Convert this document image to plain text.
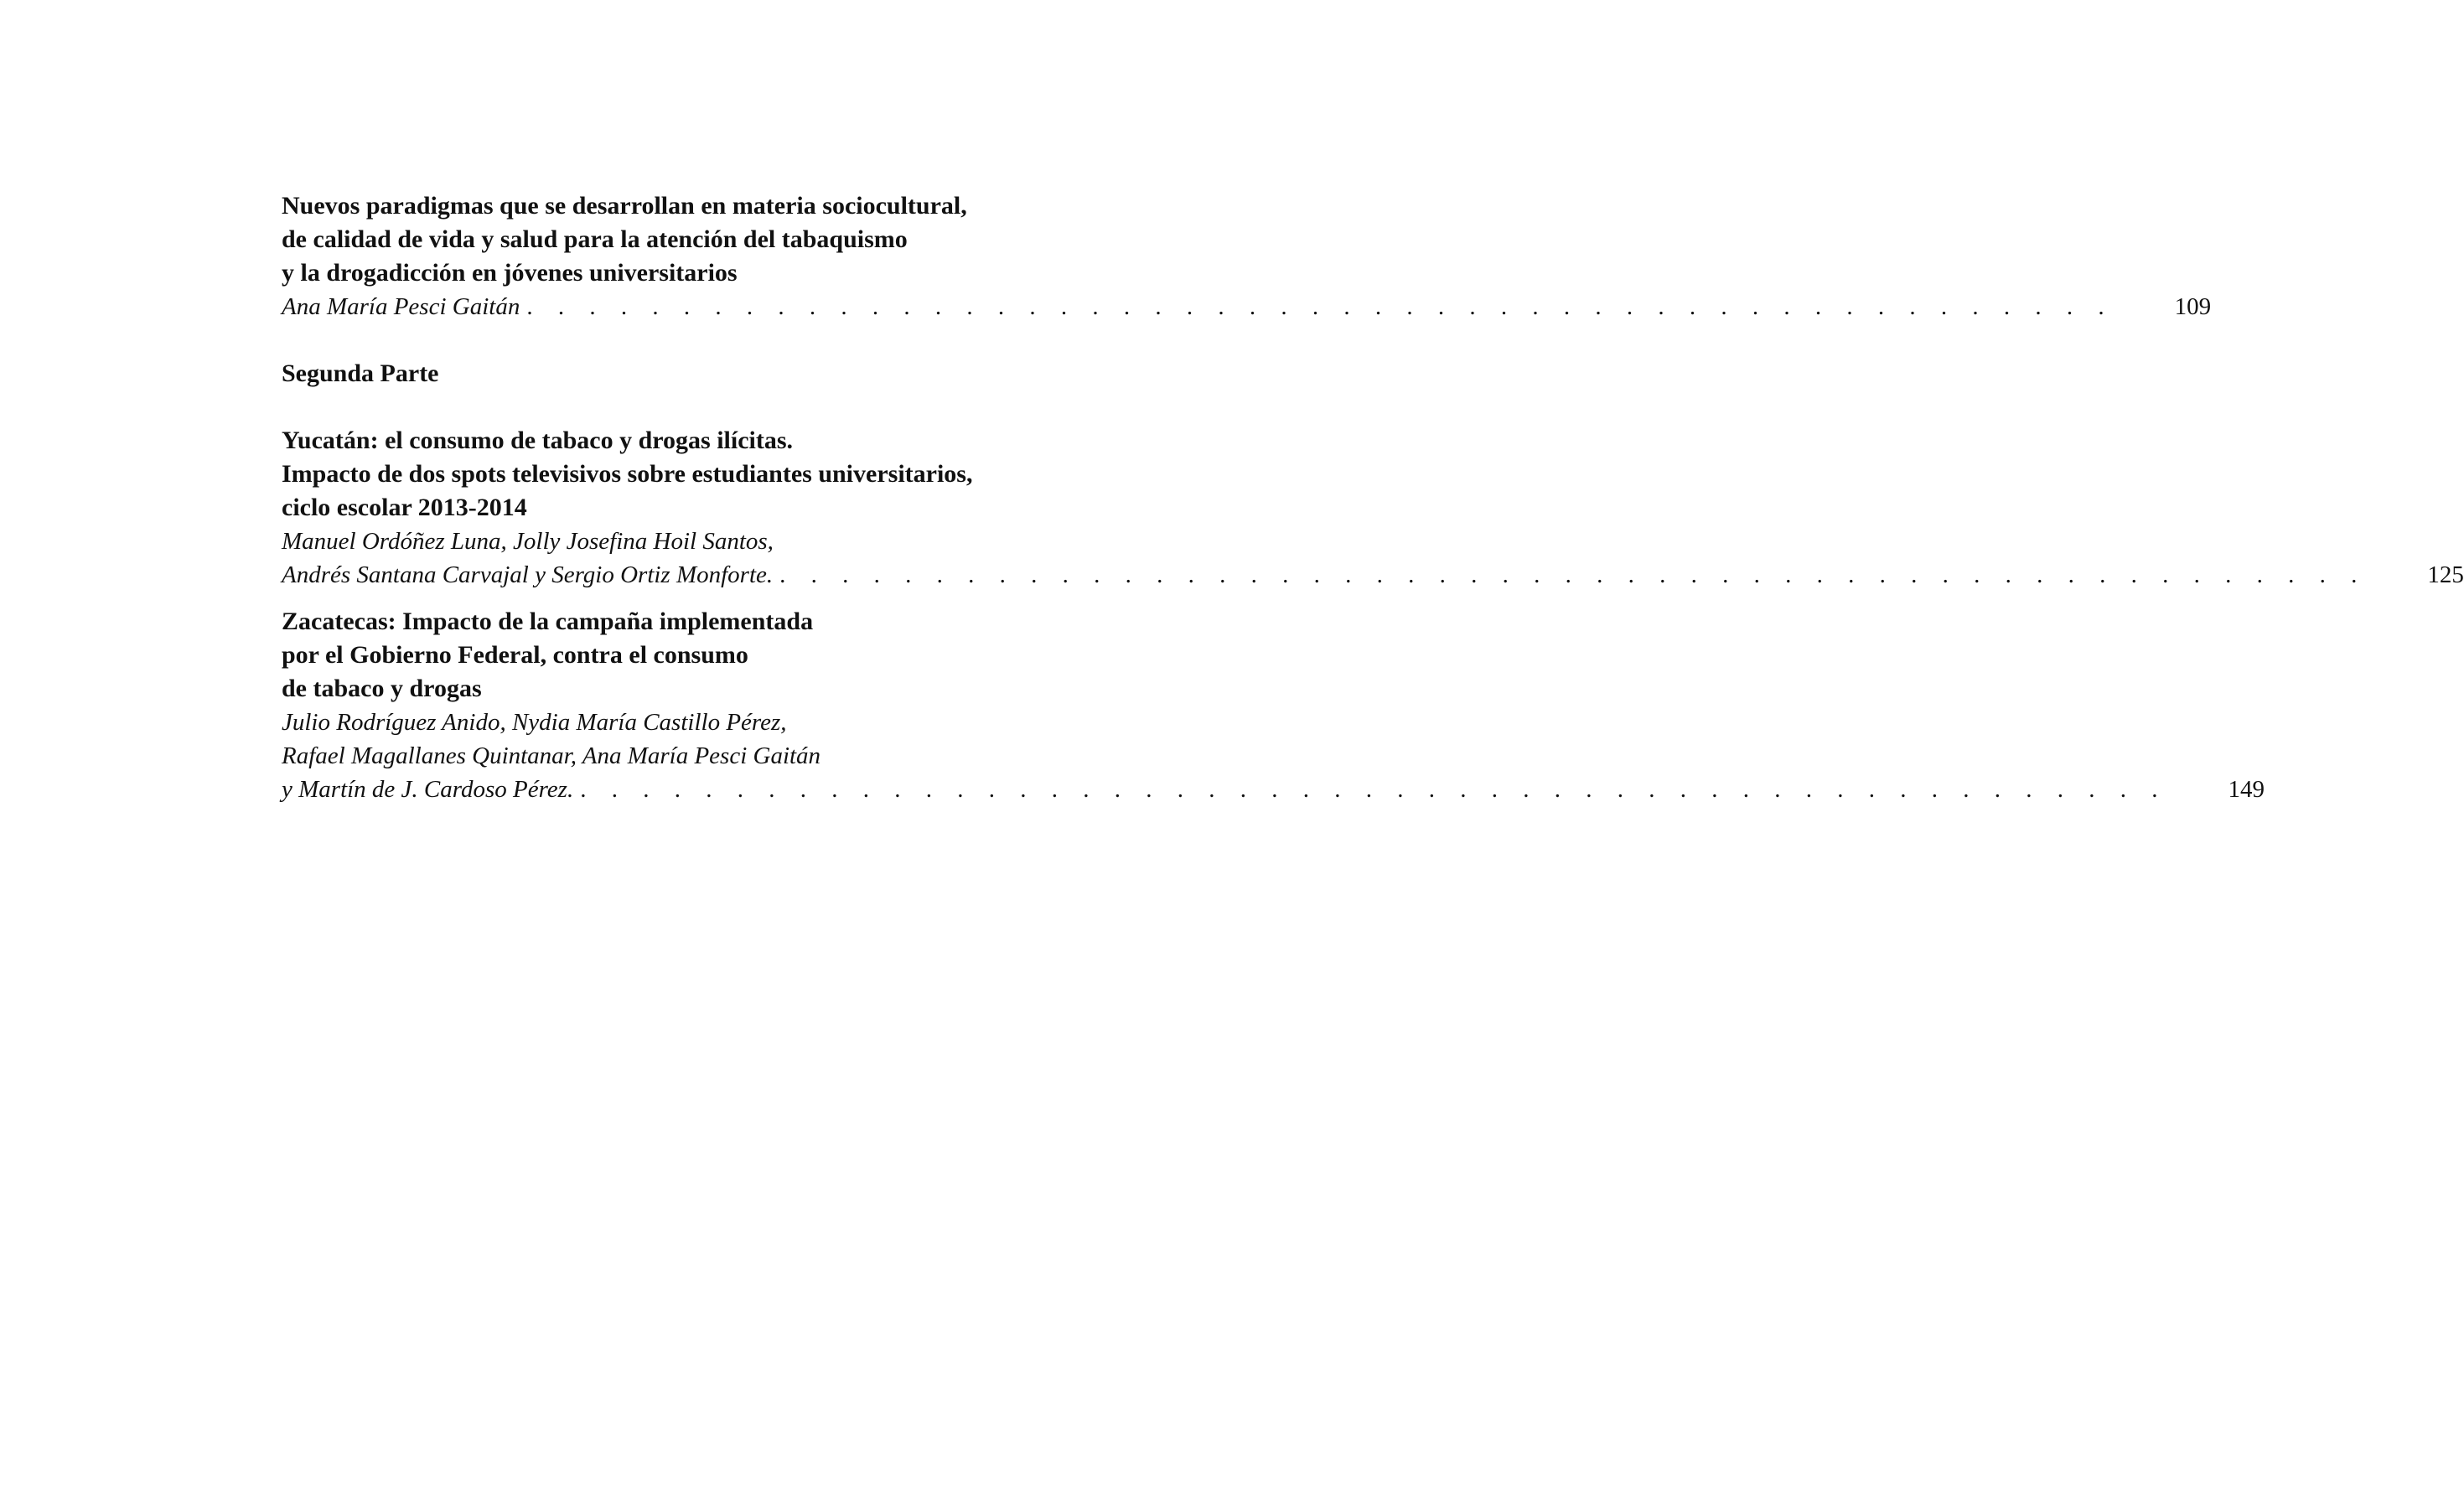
Nuevos paradigmas que se desarrollan en materia sociocultural,
de calidad de vida y salud para la atención del tabaquismo
y la drogadicción en jóvenes universitarios
Ana María Pesci Gaitán . . . . . . . . . . . . . . . . . . . . . . . . . . . . . . . . . . . . . . . . . . . . . . . . . . .	109
Segunda Parte
Yucatán: el consumo de tabaco y drogas ilícitas.
Impacto de dos spots televisivos sobre estudiantes universitarios,
ciclo escolar 2013-2014
Manuel Ordóñez Luna, Jolly Josefina Hoil Santos,
Andrés Santana Carvajal y Sergio Ortiz Monforte. . . . . . . . . . . . . . . . . . . . . . . . . . . . . . . . . . . . . . . . . . . . . . . . . . . .	125
Zacatecas: Impacto de la campaña implementada
por el Gobierno Federal, contra el consumo
de tabaco y drogas
Julio Rodríguez Anido, Nydia María Castillo Pérez,
Rafael Magallanes Quintanar, Ana María Pesci Gaitán
y Martín de J. Cardoso Pérez. . . . . . . . . . . . . . . . . . . . . . . . . . . . . . . . . . . . . . . . . . . . . . . . . . . .	149
